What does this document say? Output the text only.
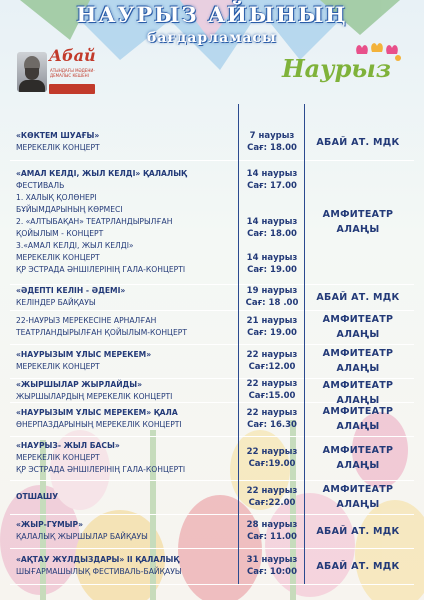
НАУРЫЗ АЙЫНЫҢ
бағдарламасы
Абай
АТЫНДАҒЫ МӘДЕНИ-ДЕМАЛЫС КЕШЕНІ	Наурыз
«КӨКТЕМ ШУАҒЫ»
МЕРЕКЕЛІК КОНЦЕРТ
7 наурыз
Сағ: 18.00
АБАЙ АТ. МДК
«АМАЛ КЕЛДІ, ЖЫЛ КЕЛДІ» ҚАЛАЛЫҚ
ФЕСТИВАЛЬ
1. ХАЛЫҚ ҚОЛӨНЕРІ
БҰЙЫМДАРЫНЫҢ КӨРМЕСІ
2. «АЛТЫБАҚАН» ТЕАТРЛАНДЫРЫЛҒАН
ҚОЙЫЛЫМ - КОНЦЕРТ
3.«АМАЛ КЕЛДІ, ЖЫЛ КЕЛДІ»
МЕРЕКЕЛІК КОНЦЕРТ
ҚР ЭСТРАДА ӘНШІЛЕРІНІҢ ГАЛА-КОНЦЕРТІ
14 наурыз
Сағ: 17.00

14 наурыз
Сағ: 18.00

14 наурыз
Сағ: 19.00
АМФИТЕАТР
АЛАҢЫ
«ӘДЕПТІ КЕЛІН - ӘДЕМІ»
КЕЛІНДЕР БАЙҚАУЫ
19 наурыз
Сағ: 18 .00
АБАЙ АТ. МДК
22-НАУРЫЗ МЕРЕКЕСІНЕ АРНАЛҒАН
ТЕАТРЛАНДЫРЫЛҒАН ҚОЙЫЛЫМ-КОНЦЕРТ
21 наурыз
Сағ: 19.00
АМФИТЕАТР
АЛАҢЫ
«НАУРЫЗЫМ ҰЛЫС МЕРЕКЕМ»
МЕРЕКЕЛІК КОНЦЕРТ
22 наурыз
Сағ:12.00
АМФИТЕАТР
АЛАҢЫ
«ЖЫРШЫЛАР ЖЫРЛАЙДЫ»
ЖЫРШЫЛАРДЫҢ МЕРЕКЕЛІК КОНЦЕРТІ
22 наурыз
Сағ:15.00
АМФИТЕАТР
АЛАҢЫ
«НАУРЫЗЫМ ҰЛЫС МЕРЕКЕМ» ҚАЛА
ӨНЕРПАЗДАРЫНЫҢ МЕРЕКЕЛІК КОНЦЕРТІ
22 наурыз
Сағ: 16.30
АМФИТЕАТР
АЛАҢЫ
«НАУРЫЗ- ЖЫЛ БАСЫ»
МЕРЕКЕЛІК КОНЦЕРТ
ҚР ЭСТРАДА ӘНШІЛЕРІНІҢ ГАЛА-КОНЦЕРТІ
22 наурыз
Сағ:19.00
АМФИТЕАТР
АЛАҢЫ
ОТШАШУ
22 наурыз
Сағ:22.00
АМФИТЕАТР
АЛАҢЫ
«ЖЫР-ГҰМЫР»
ҚАЛАЛЫҚ ЖЫРШЫЛАР БАЙҚАУЫ
28 наурыз
Сағ: 11.00
АБАЙ АТ. МДК
«АҚТАУ ЖҰЛДЫЗДАРЫ» ІІ ҚАЛАЛЫҚ
ШЫҒАРМАШЫЛЫҚ ФЕСТИВАЛЬ-БАЙҚАУЫ
31 наурыз
Сағ: 10:00
АБАЙ АТ. МДК
